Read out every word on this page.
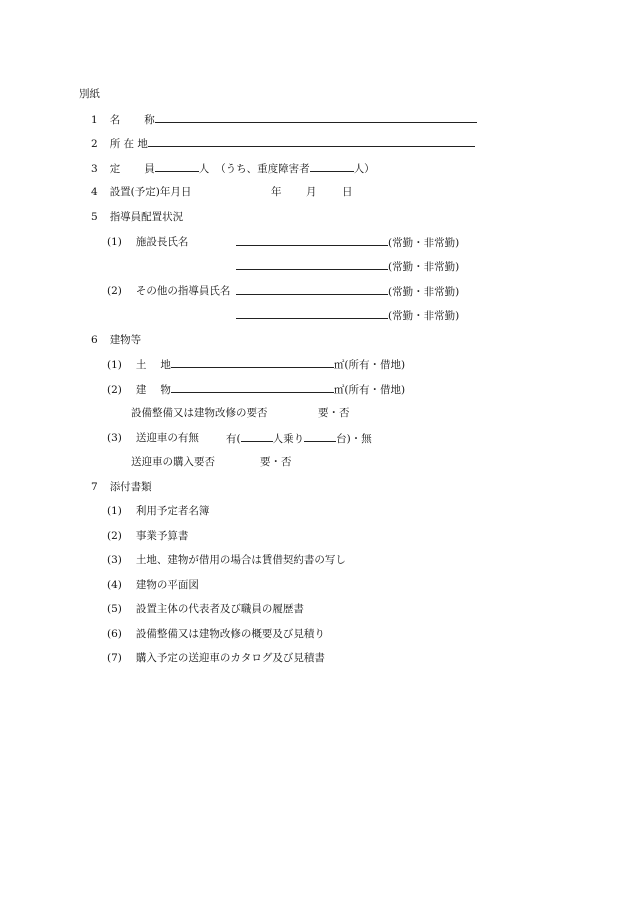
別紙
1 名 称
2 所 在 地
3 定 員	人 （うち、重度障害者	人）
4 設置(予定)年月日	年 月 日
5 指導員配置状況
(1) 施設長氏名	(常勤・非常勤)
(常勤・非常勤)
(2) その他の指導員氏名	(常勤・非常勤)
(常勤・非常勤)
6 建物等
(1) 土 地	㎡(所有・借地)
(2) 建 物	㎡(所有・借地)
設備整備又は建物改修の要否	要・否
(3) 送迎車の有無	有(	人乗り	台)・無
送迎車の購入要否	要・否
7 添付書類
(1) 利用予定者名簿
(2) 事業予算書
(3) 土地、建物が借用の場合は賃借契約書の写し
(4) 建物の平面図
(5) 設置主体の代表者及び職員の履歴書
(6) 設備整備又は建物改修の概要及び見積り
(7) 購入予定の送迎車のカタログ及び見積書
